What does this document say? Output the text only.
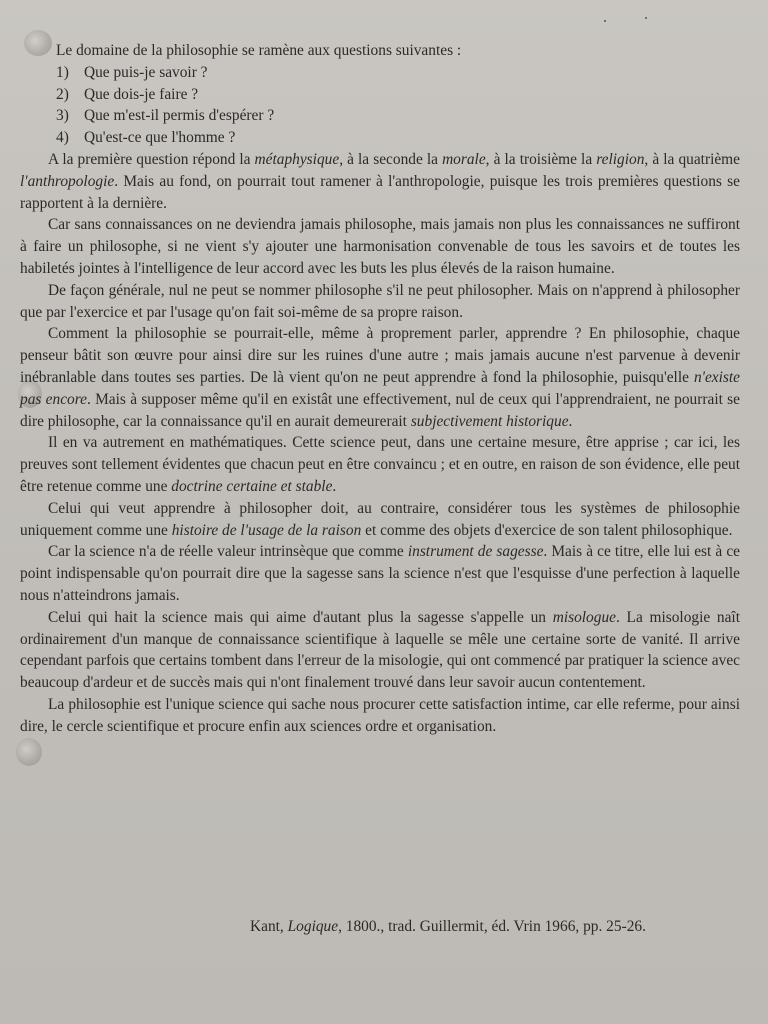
Le domaine de la philosophie se ramène aux questions suivantes :

1) Que puis-je savoir ?
2) Que dois-je faire ?
3) Que m'est-il permis d'espérer ?
4) Qu'est-ce que l'homme ?

A la première question répond la métaphysique, à la seconde la morale, à la troisième la religion, à la quatrième l'anthropologie. Mais au fond, on pourrait tout ramener à l'anthropologie, puisque les trois premières questions se rapportent à la dernière.

Car sans connaissances on ne deviendra jamais philosophe, mais jamais non plus les connaissances ne suffiront à faire un philosophe, si ne vient s'y ajouter une harmonisation convenable de tous les savoirs et de toutes les habiletés jointes à l'intelligence de leur accord avec les buts les plus élevés de la raison humaine.

De façon générale, nul ne peut se nommer philosophe s'il ne peut philosopher. Mais on n'apprend à philosopher que par l'exercice et par l'usage qu'on fait soi-même de sa propre raison.

Comment la philosophie se pourrait-elle, même à proprement parler, apprendre ? En philosophie, chaque penseur bâtit son œuvre pour ainsi dire sur les ruines d'une autre ; mais jamais aucune n'est parvenue à devenir inébranlable dans toutes ses parties. De là vient qu'on ne peut apprendre à fond la philosophie, puisqu'elle n'existe pas encore. Mais à supposer même qu'il en existât une effectivement, nul de ceux qui l'apprendraient, ne pourrait se dire philosophe, car la connaissance qu'il en aurait demeurerait subjectivement historique.

Il en va autrement en mathématiques. Cette science peut, dans une certaine mesure, être apprise ; car ici, les preuves sont tellement évidentes que chacun peut en être convaincu ; et en outre, en raison de son évidence, elle peut être retenue comme une doctrine certaine et stable.

Celui qui veut apprendre à philosopher doit, au contraire, considérer tous les systèmes de philosophie uniquement comme une histoire de l'usage de la raison et comme des objets d'exercice de son talent philosophique.

Car la science n'a de réelle valeur intrinsèque que comme instrument de sagesse. Mais à ce titre, elle lui est à ce point indispensable qu'on pourrait dire que la sagesse sans la science n'est que l'esquisse d'une perfection à laquelle nous n'atteindrons jamais.

Celui qui hait la science mais qui aime d'autant plus la sagesse s'appelle un misologue. La misologie naît ordinairement d'un manque de connaissance scientifique à laquelle se mêle une certaine sorte de vanité. Il arrive cependant parfois que certains tombent dans l'erreur de la misologie, qui ont commencé par pratiquer la science avec beaucoup d'ardeur et de succès mais qui n'ont finalement trouvé dans leur savoir aucun contentement.

La philosophie est l'unique science qui sache nous procurer cette satisfaction intime, car elle referme, pour ainsi dire, le cercle scientifique et procure enfin aux sciences ordre et organisation.

Kant, Logique, 1800., trad. Guillermit, éd. Vrin 1966, pp. 25-26.
